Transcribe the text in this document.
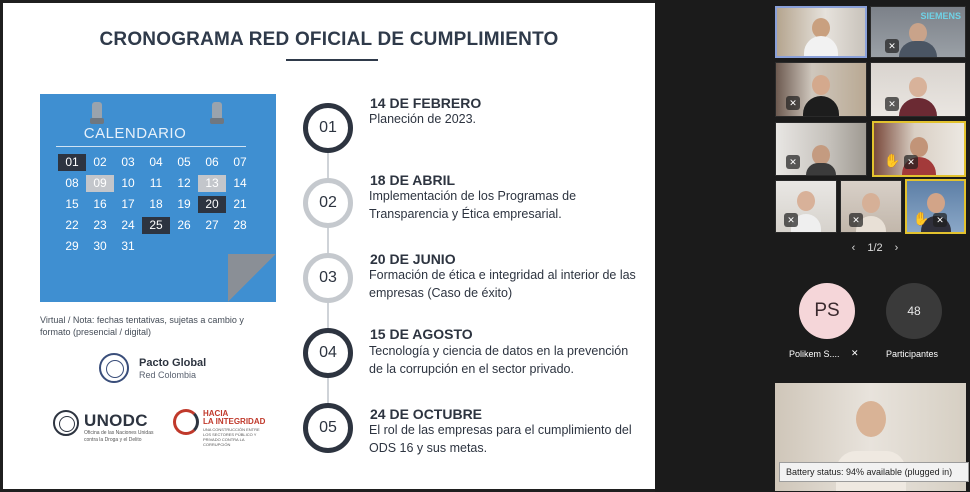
CRONOGRAMA RED OFICIAL DE CUMPLIMIENTO
CALENDARIO
01	02	03	04	05	06	07
08	09	10	11	12	13	14
15	16	17	18	19	20	21
22	23	24	25	26	27	28
29	30	31
Virtual / Nota: fechas tentativas, sujetas a cambio y formato (presencial / digital)
Pacto Global
Red Colombia
UNODC
Oficina de las Naciones Unidas contra la Droga y el Delito
HACIA
LA INTEGRIDAD
UNA CONSTRUCCIÓN ENTRE LOS SECTORES PÚBLICO Y PRIVADO CONTRA LA CORRUPCIÓN
01
14 DE FEBRERO
Planeción de 2023.
02
18 DE ABRIL
Implementación de los Programas de Transparencia y Ética empresarial.
03
20 DE JUNIO
Formación de ética e integridad al interior de las empresas (Caso de éxito)
04
15 DE AGOSTO
Tecnología y ciencia de datos en la prevención de la corrupción en el sector privado.
05
24 DE OCTUBRE
El rol de las empresas para el cumplimiento del ODS 16 y sus metas.
SIEMENS
✕
✕	✕
✕	✋ ✕
✕	✕	✋ ✕
‹ 1/2 ›
PS
Polikem S.... ✕
48
Participantes
Battery status: 94% available (plugged in)
